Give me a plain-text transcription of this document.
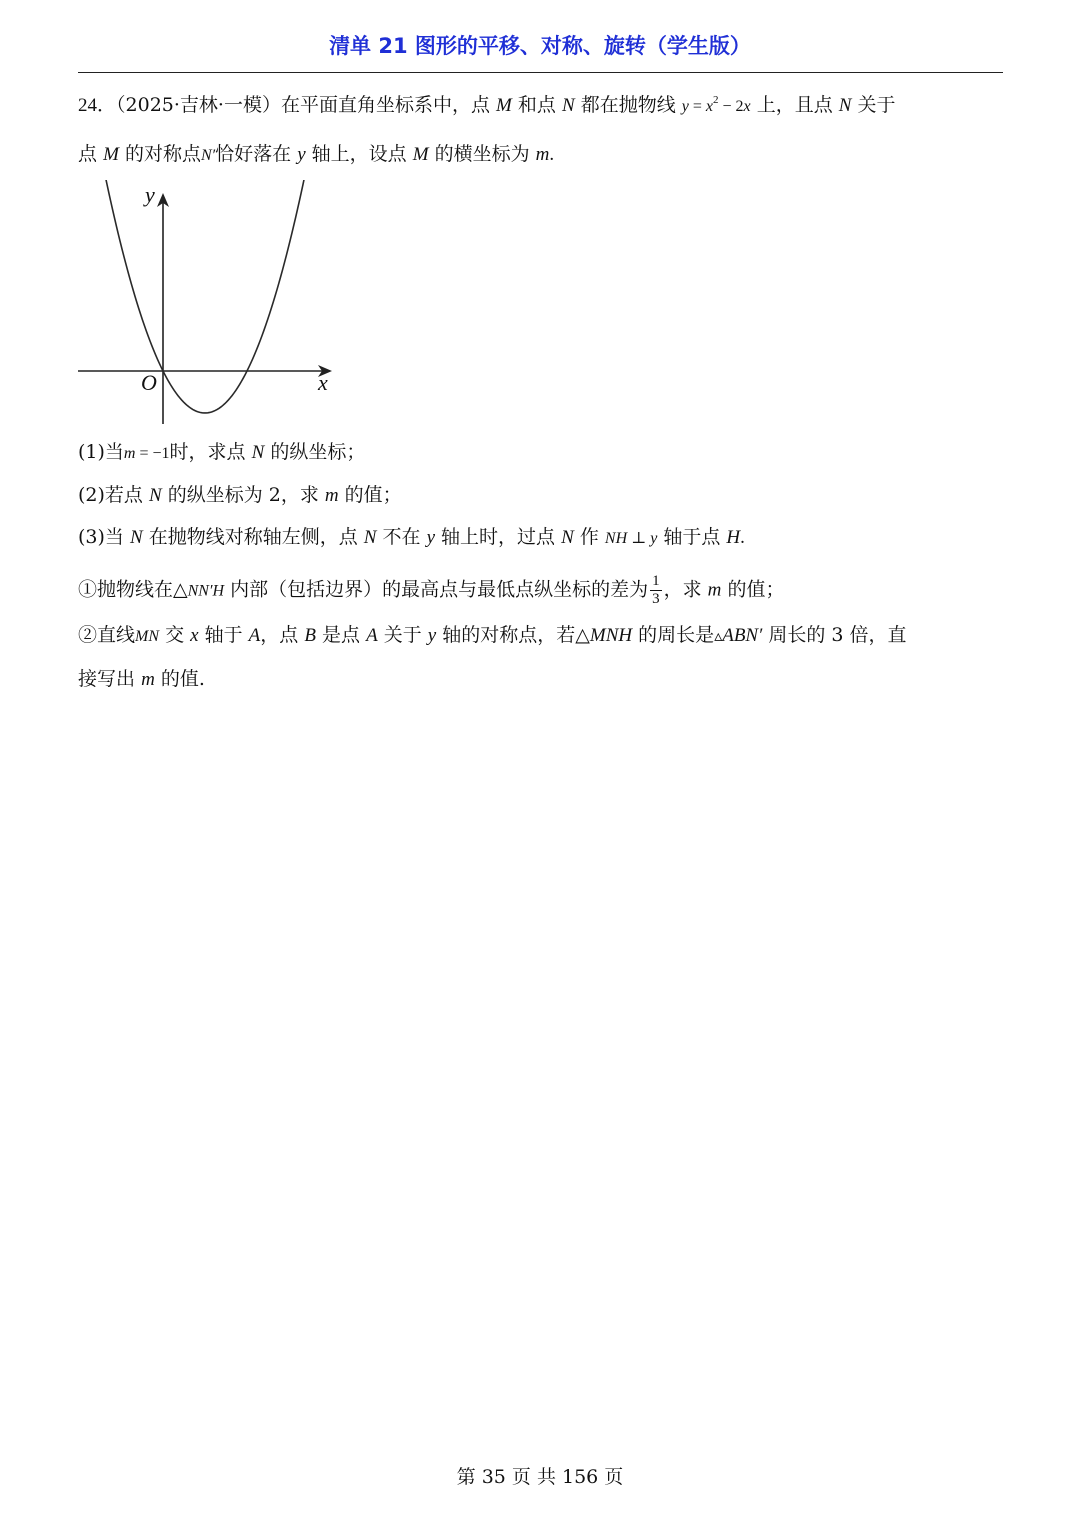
清单 21 图形的平移、对称、旋转（学生版）
24．（2025·吉林·一模）在平面直角坐标系中，点 M 和点 N 都在抛物线 $y = x^2 - 2x$ 上，且点 N 关于
点 M 的对称点N′恰好落在 y 轴上，设点 M 的横坐标为 m.
y
x
O
(1)当m = −1时，求点 N 的纵坐标；
(2)若点 N 的纵坐标为 2，求 m 的值；
(3)当 N 在抛物线对称轴左侧，点 N 不在 y 轴上时，过点 N 作 NH ⊥ y 轴于点 H.
①抛物线在△NN′H 内部（包括边界）的最高点与最低点纵坐标的差为 $\frac{1}{3}$ ，求 m 的值；
②直线MN 交 x 轴于 A，点 B 是点 A 关于 y 轴的对称点，若△MNH 的周长是▵ABN′ 周长的 3 倍，直
接写出 m 的值.
第 35 页 共 156 页
